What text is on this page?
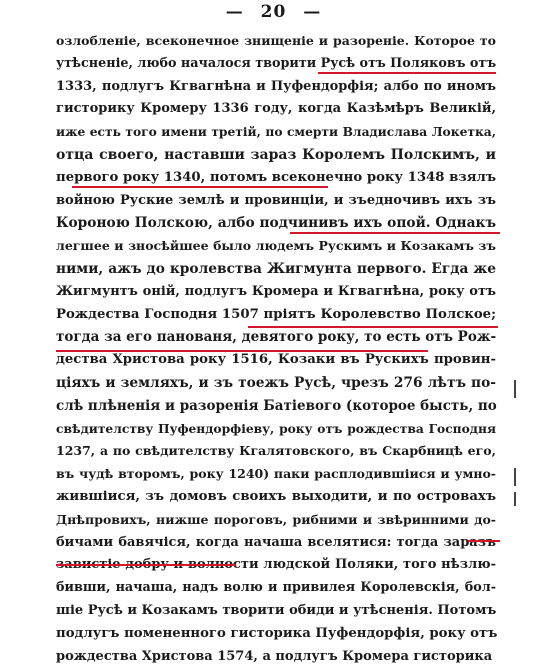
— 20 —
озлобленіе, всеконечное знищеніе и разореніе. Которое то
утѣсненіе, любо началося творити Русѣ отъ Поляковъ отъ
1333, подлугъ Кгвагнѣна и Пуфендорфія; албо по иномъ
гисторику Кромеру 1336 году, когда Казѣмѣръ Великій,
иже есть того имени третій, по смерти Владислава Локетка,
отца своего, наставши зараз Королемъ Полскимъ, и
первого року 1340, потомъ всеконечно року 1348 взялъ
войною Руские землѣ и провинціи, и зъедночивъ ихъ зъ
Короною Полскою, албо подчинивъ ихъ опой. Однакъ
легшее и зносѣйшее было людемъ Рускимъ и Козакамъ зъ
ними, ажъ до кролевства Жигмунта первого. Егда же
Жигмунтъ оній, подлугъ Кромера и Кгвагнѣна, року отъ
Рождества Господня 1507 пріятъ Королевство Полское;
тогда за его панованя, девятого року, то есть отъ Рож-
дества Христова року 1516, Козаки въ Рускихъ провин-
ціяхъ и земляхъ, и зъ тоежъ Русѣ, чрезъ 276 лѣтъ по-
слѣ плѣненія и разоренія Батіевого (которое бысть, по
свѣдителству Пуфендорфіеву, року отъ рождества Господня
1237, а по свѣдителству Кгалятовского, въ Скарбницѣ его,
въ чудѣ второмъ, року 1240) паки расплодившіися и умно-
жившіися, зъ домовъ своихъ выходити, и по островахъ
Днѣпровихъ, нижше пороговъ, рибними и звѣринними до-
бичами бавячіся, когда начаша вселятися: тогда заразъ
завистіе добру и волности людской Поляки, того нѣзлю-
бивши, начаша, надъ волю и привилея Королевскія, бол-
шіе Русѣ и Козакамъ творити обиди и утѣсненія. Потомъ
подлугъ помененного гисторика Пуфендорфія, року отъ
рождества Христова 1574, а подлугъ Кромера гисторика
